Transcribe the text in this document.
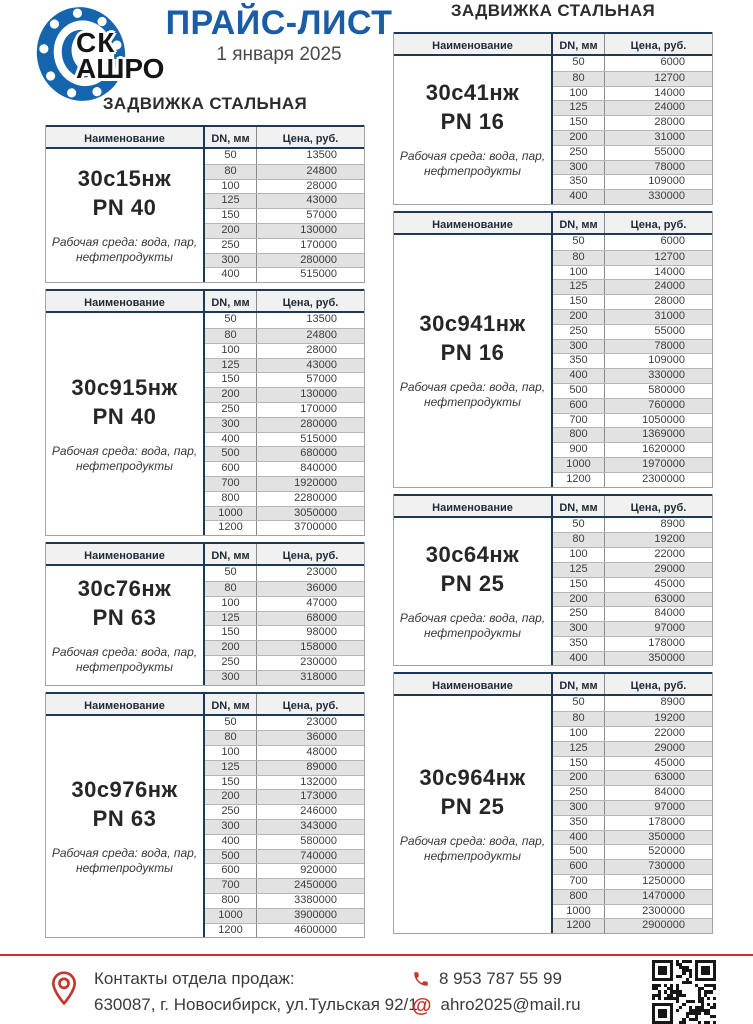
СК
АШРО
ПРАЙС-ЛИСТ
1 января 2025
ЗАДВИЖКА СТАЛЬНАЯ
Наименование	DN, мм	Цена, руб.
30с15нж
PN 40
Рабочая среда: вода, пар,
нефтепродукты
50	13500
80	24800
100	28000
125	43000
150	57000
200	130000
250	170000
300	280000
400	515000
Наименование	DN, мм	Цена, руб.
30с915нж
PN 40
Рабочая среда: вода, пар,
нефтепродукты
50	13500
80	24800
100	28000
125	43000
150	57000
200	130000
250	170000
300	280000
400	515000
500	680000
600	840000
700	1920000
800	2280000
1000	3050000
1200	3700000
Наименование	DN, мм	Цена, руб.
30с76нж
PN 63
Рабочая среда: вода, пар,
нефтепродукты
50	23000
80	36000
100	47000
125	68000
150	98000
200	158000
250	230000
300	318000
Наименование	DN, мм	Цена, руб.
30с976нж
PN 63
Рабочая среда: вода, пар,
нефтепродукты
50	23000
80	36000
100	48000
125	89000
150	132000
200	173000
250	246000
300	343000
400	580000
500	740000
600	920000
700	2450000
800	3380000
1000	3900000
1200	4600000
ЗАДВИЖКА СТАЛЬНАЯ
Наименование	DN, мм	Цена, руб.
30с41нж
PN 16
Рабочая среда: вода, пар,
нефтепродукты
50	6000
80	12700
100	14000
125	24000
150	28000
200	31000
250	55000
300	78000
350	109000
400	330000
Наименование	DN, мм	Цена, руб.
30с941нж
PN 16
Рабочая среда: вода, пар,
нефтепродукты
50	6000
80	12700
100	14000
125	24000
150	28000
200	31000
250	55000
300	78000
350	109000
400	330000
500	580000
600	760000
700	1050000
800	1369000
900	1620000
1000	1970000
1200	2300000
Наименование	DN, мм	Цена, руб.
30с64нж
PN 25
Рабочая среда: вода, пар,
нефтепродукты
50	8900
80	19200
100	22000
125	29000
150	45000
200	63000
250	84000
300	97000
350	178000
400	350000
Наименование	DN, мм	Цена, руб.
30с964нж
PN 25
Рабочая среда: вода, пар,
нефтепродукты
50	8900
80	19200
100	22000
125	29000
150	45000
200	63000
250	84000
300	97000
350	178000
400	350000
500	520000
600	730000
700	1250000
800	1470000
1000	2300000
1200	2900000
Контакты отдела продаж:
630087, г. Новосибирск, ул.Тульская 92/1
8 953 787 55 99
@ ahro2025@mail.ru
